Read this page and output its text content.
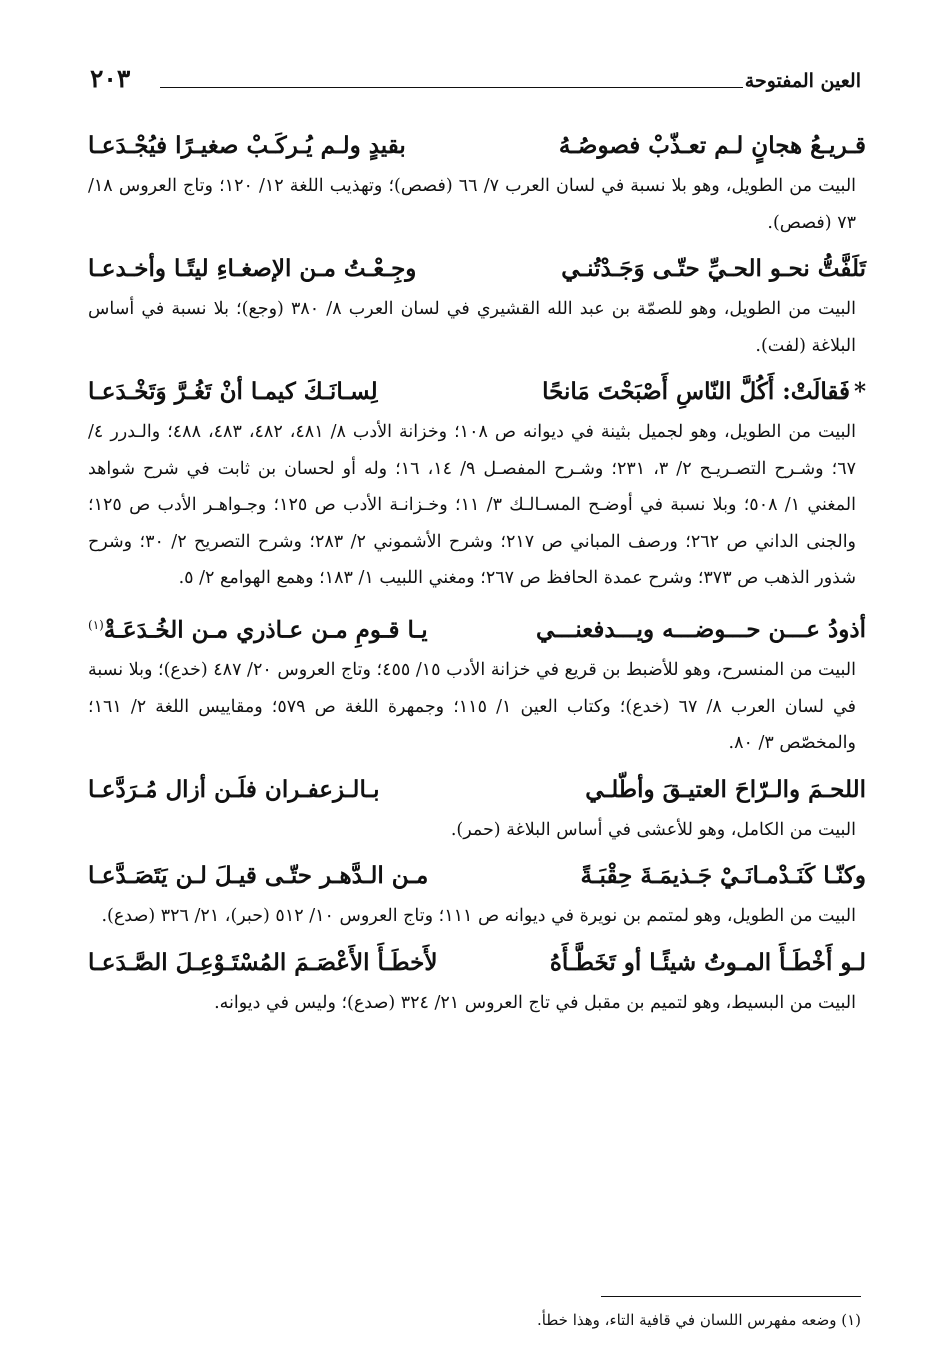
العين المفتوحة
٢٠٣
قـريـعُ هجانٍ لـم تعـذّبْ فصوصُـهُ
بقيدٍ ولـم يُـركَـبْ صغيـرًا فيُجْـدَعـا

البيت من الطويل، وهو بلا نسبة في لسان العرب ٧/ ٦٦ (فصص)؛ وتهذيب اللغة ١٢/ ١٢٠؛ وتاج العروس ١٨/ ٧٣ (فصص).

تَلَفَّتُّ نحـو الحـيِّ حتّـى وَجَـدْتُنـي
وجِـعْـتُ مـن الإصغـاءِ ليتًـا وأخـدعـا

البيت من الطويل، وهو للصمّة بن عبد الله القشيري في لسان العرب ٨/ ٣٨٠ (وجع)؛ بلا نسبة في أساس البلاغة (لفت).

*فَقالَتْ: أَكُلَّ النّاسِ أَصْبَحْتَ مَانحًا
لِسـانَـكَ كيمـا أنْ تَغُـرَّ وَتَخْـدَعـا

البيت من الطويل، وهو لجميل بثينة في ديوانه ص ١٠٨؛ وخزانة الأدب ٨/ ٤٨١، ٤٨٢، ٤٨٣، ٤٨٨؛ والـدرر ٤/ ٦٧؛ وشـرح التصـريـح ٢/ ٣، ٢٣١؛ وشـرح المفصـل ٩/ ١٤، ١٦؛ وله أو لحسان بن ثابت في شرح شواهد المغني ١/ ٥٠٨؛ وبلا نسبة في أوضـح المسـالـك ٣/ ١١؛ وخـزانـة الأدب ص ١٢٥؛ وجـواهـر الأدب ص ١٢٥؛ والجنى الداني ص ٢٦٢؛ ورصف المباني ص ٢١٧؛ وشرح الأشموني ٢/ ٢٨٣؛ وشرح التصريح ٢/ ٣٠؛ وشرح شذور الذهب ص ٣٧٣؛ وشرح عمدة الحافظ ص ٢٦٧؛ ومغني اللبيب ١/ ١٨٣؛ وهمع الهوامع ٢/ ٥.

أذودُ عـــن حـــوضـــه ويـــدفعنـــي
يـا قـومِ مـن عـاذري مـن الخُـدَعَـةْ$^{(١)}$

البيت من المنسرح، وهو للأضبط بن قريع في خزانة الأدب ١٥/ ٤٥٥؛ وتاج العروس ٢٠/ ٤٨٧ (خدع)؛ وبلا نسبة في لسان العرب ٨/ ٦٧ (خدع)؛ وكتاب العين ١/ ١١٥؛ وجمهرة اللغة ص ٥٧٩؛ ومقاييس اللغة ٢/ ١٦١؛ والمخصّص ٣/ ٨٠.

اللحـمَ والـرّاحَ العتيـقَ وأطّلـي
بـالـزعفـران فلَـن أزال مُـرَدَّعـا

البيت من الكامل، وهو للأعشى في أساس البلاغة (حمر).

وكنّـا كَنَـدْمـانَـيْ جَـذيمَـةَ حِقْبَـةً
مـن الـدَّهـر حتّـى قيـلَ لـن يَتَصَـدَّعـا

البيت من الطويل، وهو لمتمم بن نويرة في ديوانه ص ١١١؛ وتاج العروس ١٠/ ٥١٢ (حبر)، ٢١/ ٣٢٦ (صدع).

لـو أَخْطَـأَ المـوتُ شيئًـا أو تَخَطَّـأَهُ
لأَخطَـأَ الأَعْصَـمَ المُسْتَـوْعِـلَ الصَّـدَعـا

البيت من البسيط، وهو لتميم بن مقبل في تاج العروس ٢١/ ٣٢٤ (صدع)؛ وليس في ديوانه.

(١) وضعه مفهرس اللسان في قافية التاء، وهذا خطأ.
